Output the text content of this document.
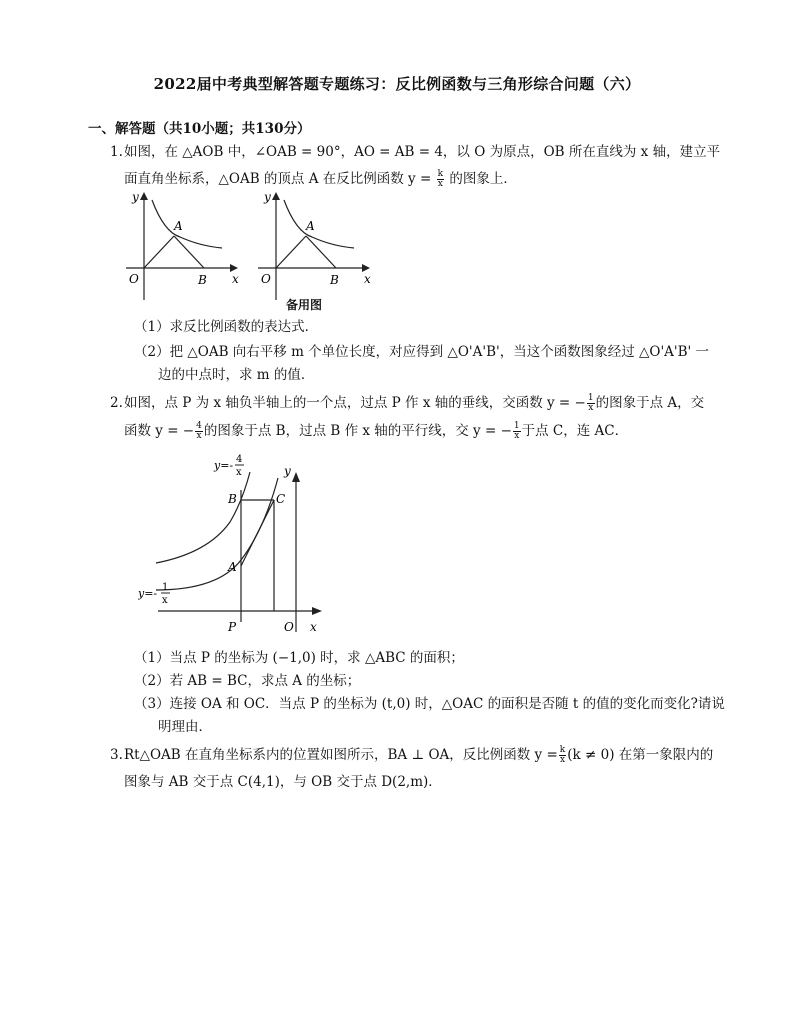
2022届中考典型解答题专题练习：反比例函数与三角形综合问题（六）
一、解答题（共10小题；共130分）
1. 如图，在 △AOB 中，∠OAB = 90°，AO = AB = 4，以 O 为原点，OB 所在直线为 x 轴，建立平
面直角坐标系，△OAB 的顶点 A 在反比例函数 $y = \frac{k}{x}$ 的图象上．
y
O
A
B x
y
O
A
B x
备用图
（1）求反比例函数的表达式．
（2）把 △OAB 向右平移 m 个单位长度，对应得到 △O'A'B'，当这个函数图象经过 △O'A'B' 一
边的中点时，求 m 的值．
2. 如图，点 P 为 x 轴负半轴上的一个点，过点 P 作 x 轴的垂线，交函数 y = − $\frac{1}{x}$ 的图象于点 A，交
函数 y = − $\frac{4}{x}$ 的图象于点 B，过点 B 作 x 轴的平行线，交 y = − $\frac{1}{x}$ 于点 C，连 AC．
y=- 4
x
y=- 1
x
B	C
A
P	O x
y
（1）当点 P 的坐标为 (−1,0) 时，求 △ABC 的面积；
（2）若 AB = BC，求点 A 的坐标；
（3）连接 OA 和 OC．当点 P 的坐标为 (t,0) 时，△OAC 的面积是否随 t 的值的变化而变化?请说
明理由．
3. Rt△OAB 在直角坐标系内的位置如图所示，BA ⊥ OA，反比例函数 $y = \frac{k}{x} (k \ne 0)$ 在第一象限内的
图象与 AB 交于点 C(4,1)，与 OB 交于点 D(2,m)．
